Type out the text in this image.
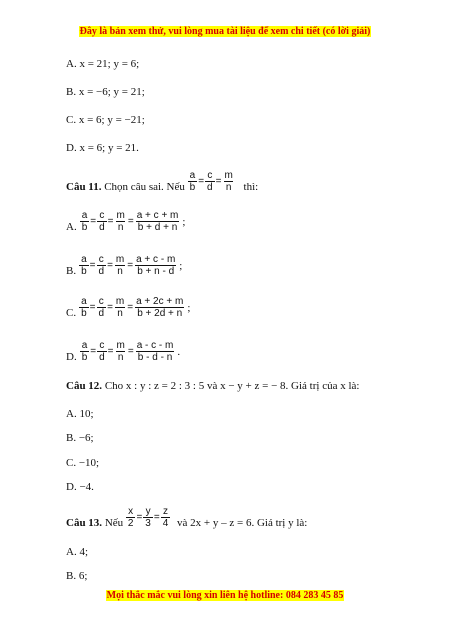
Đây là bản xem thử, vui lòng mua tài liệu để xem chi tiết (có lời giải)
A. x = 21; y = 6;
B. x = −6; y = 21;
C. x = 6; y = −21;
D. x = 6; y = 21.
Câu 11. Chọn câu sai. Nếu $\frac{a}{b} = \frac{c}{d} = \frac{m}{n}$ thì:
A. $\frac{a}{b} = \frac{c}{d} = \frac{m}{n} = \frac{a + c + m}{b + d + n}$ ;
B. $\frac{a}{b} = \frac{c}{d} = \frac{m}{n} = \frac{a + c - m}{b + n - d}$ ;
C. $\frac{a}{b} = \frac{c}{d} = \frac{m}{n} = \frac{a + 2c + m}{b + 2d + n}$ ;
D. $\frac{a}{b} = \frac{c}{d} = \frac{m}{n} = \frac{a - c - m}{b - d - n}$ .
Câu 12. Cho x : y : z = 2 : 3 : 5 và x − y + z = − 8. Giá trị của x là:
A. 10;
B. −6;
C. −10;
D. −4.
Câu 13. Nếu $\frac{x}{2} = \frac{y}{3} = \frac{z}{4}$ và 2x + y – z = 6. Giá trị y là:
A. 4;
B. 6;
Mọi thắc mắc vui lòng xin liên hệ hotline: 084 283 45 85
